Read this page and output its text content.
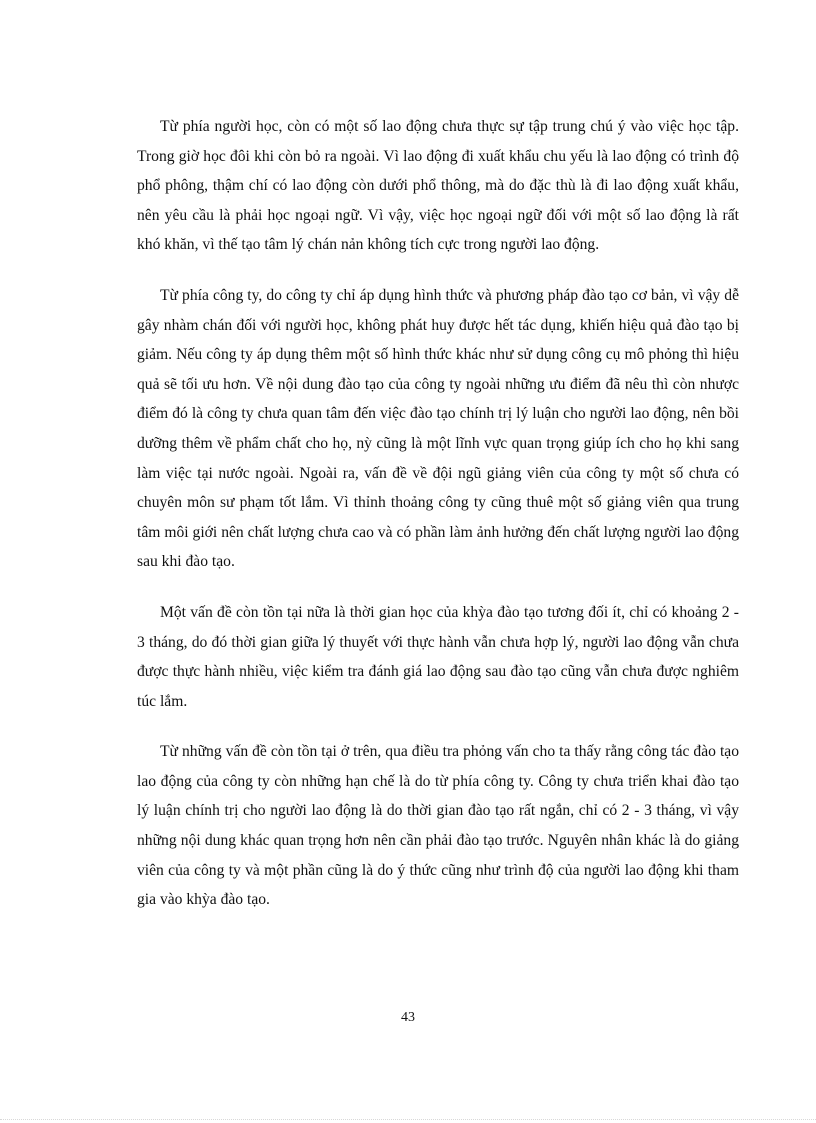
Từ phía người học, còn có một số lao động chưa thực sự tập trung chú ý vào việc học tập. Trong giờ học đôi khi còn bỏ ra ngoài. Vì lao động đi xuất khẩu chu yếu là lao động có trình độ phổ phông, thậm chí có lao động còn dưới phổ thông, mà do đặc thù là đi lao động xuất khẩu, nên yêu cầu là phải học ngoại ngữ. Vì vậy, việc học ngoại ngữ đối với một số lao động là rất khó khăn, vì thế tạo tâm lý chán nản không tích cực trong người lao động.

Từ phía công ty, do công ty chỉ áp dụng hình thức và phương pháp đào tạo cơ bản, vì vậy dễ gây nhàm chán đối với người học, không phát huy được hết tác dụng, khiến hiệu quả đào tạo bị giảm. Nếu công ty áp dụng thêm một số hình thức khác như sử dụng công cụ mô phỏng thì hiệu quả sẽ tối ưu hơn. Về nội dung đào tạo của công ty ngoài những ưu điểm đã nêu thì còn nhược điểm đó là công ty chưa quan tâm đến việc đào tạo chính trị lý luận cho người lao động, nên bồi dưỡng thêm về phẩm chất cho họ, nỳ cũng là một lĩnh vực quan trọng giúp ích cho họ khi sang làm việc tại nước ngoài. Ngoài ra, vấn đề về đội ngũ giảng viên của công ty một số chưa có chuyên môn sư phạm tốt lắm. Vì thỉnh thoảng công ty cũng thuê một số giảng viên qua trung tâm môi giới nên chất lượng chưa cao và có phần làm ảnh hưởng đến chất lượng người lao động sau khi đào tạo.

Một vấn đề còn tồn tại nữa là thời gian học của khỳa đào tạo tương đối ít, chỉ có khoảng 2 - 3 tháng, do đó thời gian giữa lý thuyết với thực hành vẫn chưa hợp lý, người lao động vẫn chưa được thực hành nhiều, việc kiểm tra đánh giá lao động sau đào tạo cũng vẫn chưa được nghiêm túc lắm.

Từ những vấn đề còn tồn tại ở trên, qua điều tra phỏng vấn cho ta thấy rằng công tác đào tạo lao động của công ty còn những hạn chế là do từ phía công ty. Công ty chưa triển khai đào tạo lý luận chính trị cho người lao động là do thời gian đào tạo rất ngắn, chỉ có 2 - 3 tháng, vì vậy những nội dung khác quan trọng hơn nên cần phải đào tạo trước. Nguyên nhân khác là do giảng viên của công ty và một phần cũng là do ý thức cũng như trình độ của người lao động khi tham gia vào khỳa đào tạo.

43
